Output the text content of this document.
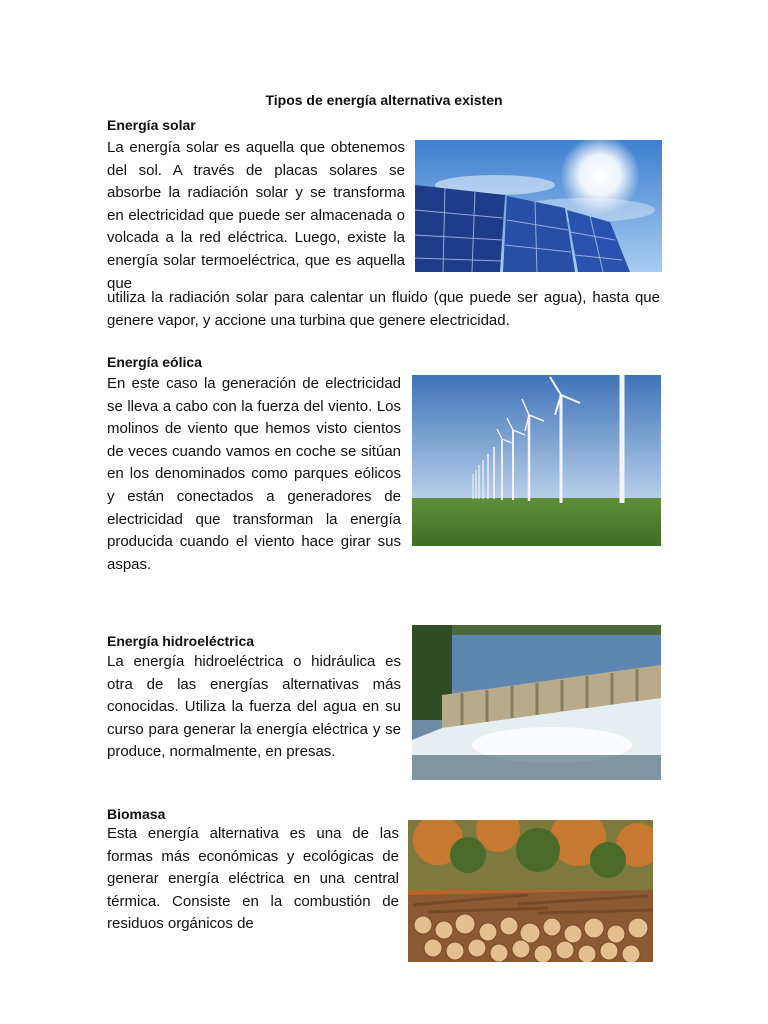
Tipos de energía alternativa existen
Energía solar

La energía solar es aquella que obtenemos del sol. A través de placas solares se absorbe la radiación solar y se transforma en electricidad que puede ser almacenada o volcada a la red eléctrica. Luego, existe la energía solar termoeléctrica, que es aquella que

utiliza la radiación solar para calentar un fluido (que puede ser agua), hasta que genere vapor, y accione una turbina que genere electricidad.

Energía eólica

En este caso la generación de electricidad se lleva a cabo con la fuerza del viento. Los molinos de viento que hemos visto cientos de veces cuando vamos en coche se sitúan en los denominados como parques eólicos y están conectados a generadores de electricidad que transforman la energía producida cuando el viento hace girar sus aspas.

Energía hidroeléctrica

La energía hidroeléctrica o hidráulica es otra de las energías alternativas más conocidas. Utiliza la fuerza del agua en su curso para generar la energía eléctrica y se produce, normalmente, en presas.

Biomasa

Esta energía alternativa es una de las formas más económicas y ecológicas de generar energía eléctrica en una central térmica. Consiste en la combustión de residuos orgánicos de
